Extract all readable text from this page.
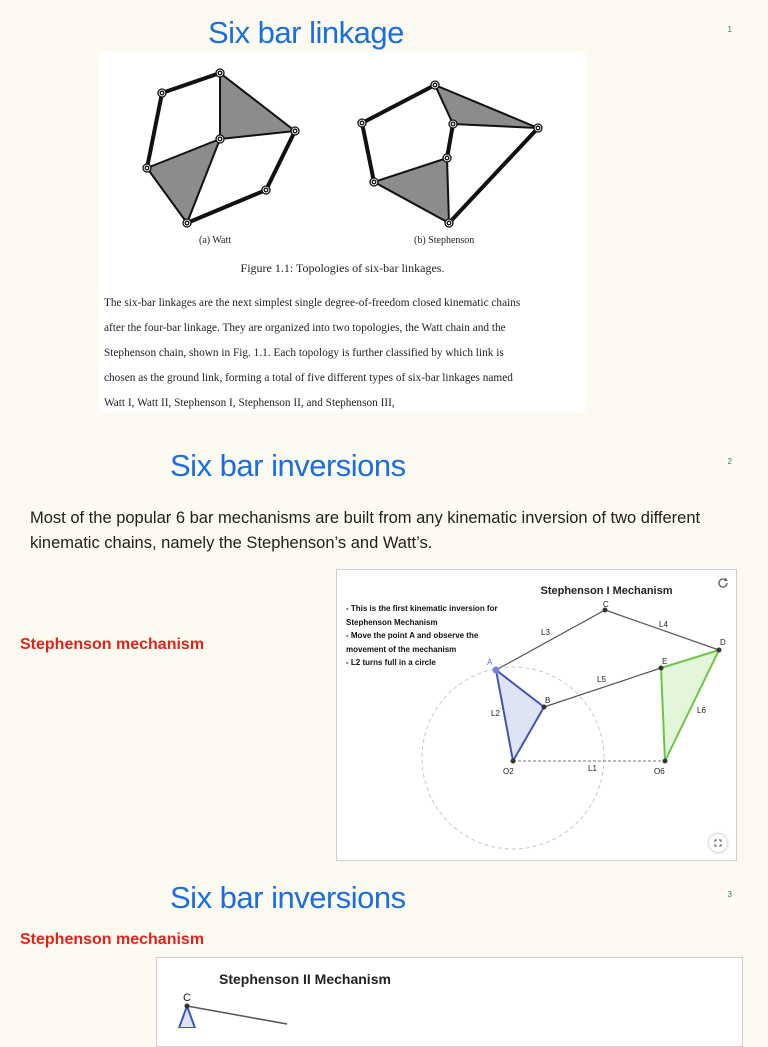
Six bar linkage	1
(a) Watt	(b) Stephenson
Figure 1.1: Topologies of six-bar linkages.
The six-bar linkages are the next simplest single degree-of-freedom closed kinematic chains
after the four-bar linkage. They are organized into two topologies, the Watt chain and the
Stephenson chain, shown in Fig. 1.1. Each topology is further classified by which link is
chosen as the ground link, forming a total of five different types of six-bar linkages named
Watt I, Watt II, Stephenson I, Stephenson II, and Stephenson III,
Six bar inversions	2
Most of the popular 6 bar mechanisms are built from any kinematic inversion of two different kinematic chains, namely the Stephenson’s and Watt’s.
Stephenson mechanism
Stephenson I Mechanism
- This is the first kinematic inversion for
Stephenson Mechanism
- Move the point A and observe the
movement of the mechanism
- L2 turns full in a circle	A
B
C
D
E
O2	O6
L1
L2
L3
L4
L5
L6
Six bar inversions	3
Stephenson mechanism
Stephenson II Mechanism
C
